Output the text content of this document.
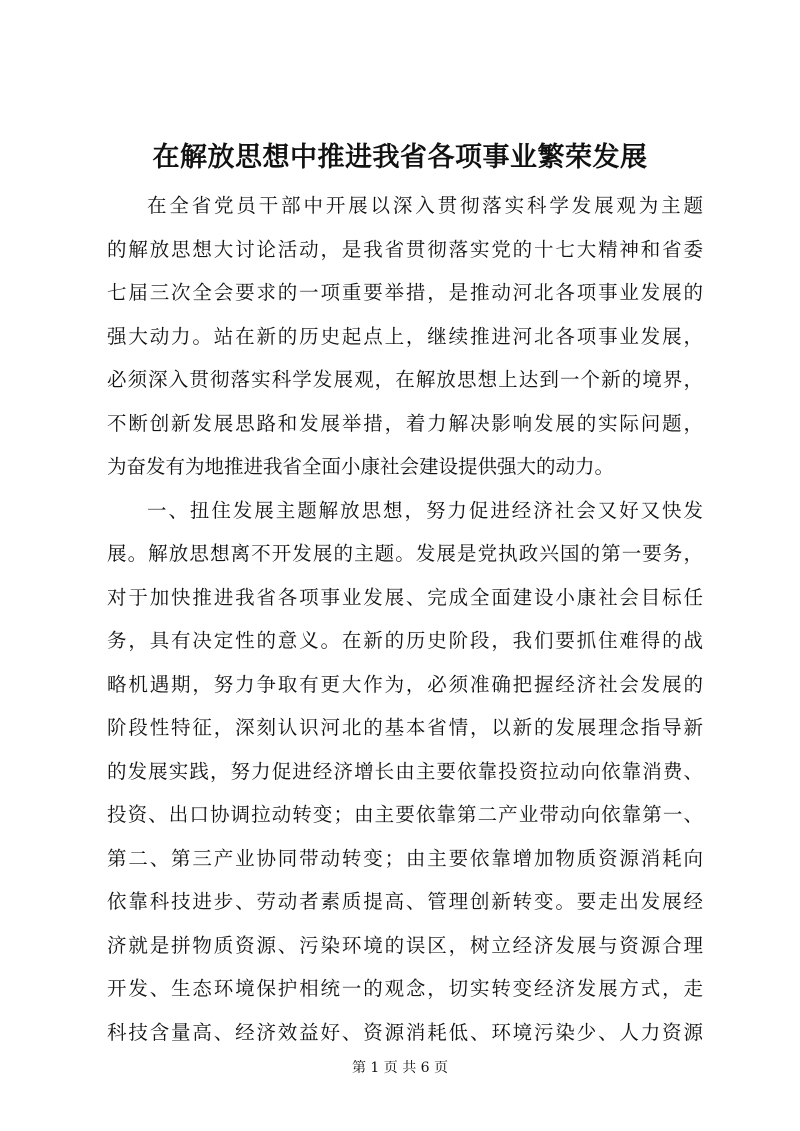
在解放思想中推进我省各项事业繁荣发展
在全省党员干部中开展以深入贯彻落实科学发展观为主题
的解放思想大讨论活动，是我省贯彻落实党的十七大精神和省委
七届三次全会要求的一项重要举措，是推动河北各项事业发展的
强大动力。站在新的历史起点上，继续推进河北各项事业发展，
必须深入贯彻落实科学发展观，在解放思想上达到一个新的境界，
不断创新发展思路和发展举措，着力解决影响发展的实际问题，
为奋发有为地推进我省全面小康社会建设提供强大的动力。
一、扭住发展主题解放思想，努力促进经济社会又好又快发
展。解放思想离不开发展的主题。发展是党执政兴国的第一要务，
对于加快推进我省各项事业发展、完成全面建设小康社会目标任
务，具有决定性的意义。在新的历史阶段，我们要抓住难得的战
略机遇期，努力争取有更大作为，必须准确把握经济社会发展的
阶段性特征，深刻认识河北的基本省情，以新的发展理念指导新
的发展实践，努力促进经济增长由主要依靠投资拉动向依靠消费、
投资、出口协调拉动转变；由主要依靠第二产业带动向依靠第一、
第二、第三产业协同带动转变；由主要依靠增加物质资源消耗向
依靠科技进步、劳动者素质提高、管理创新转变。要走出发展经
济就是拼物质资源、污染环境的误区，树立经济发展与资源合理
开发、生态环境保护相统一的观念，切实转变经济发展方式，走
科技含量高、经济效益好、资源消耗低、环境污染少、人力资源
第 1 页 共 6 页
